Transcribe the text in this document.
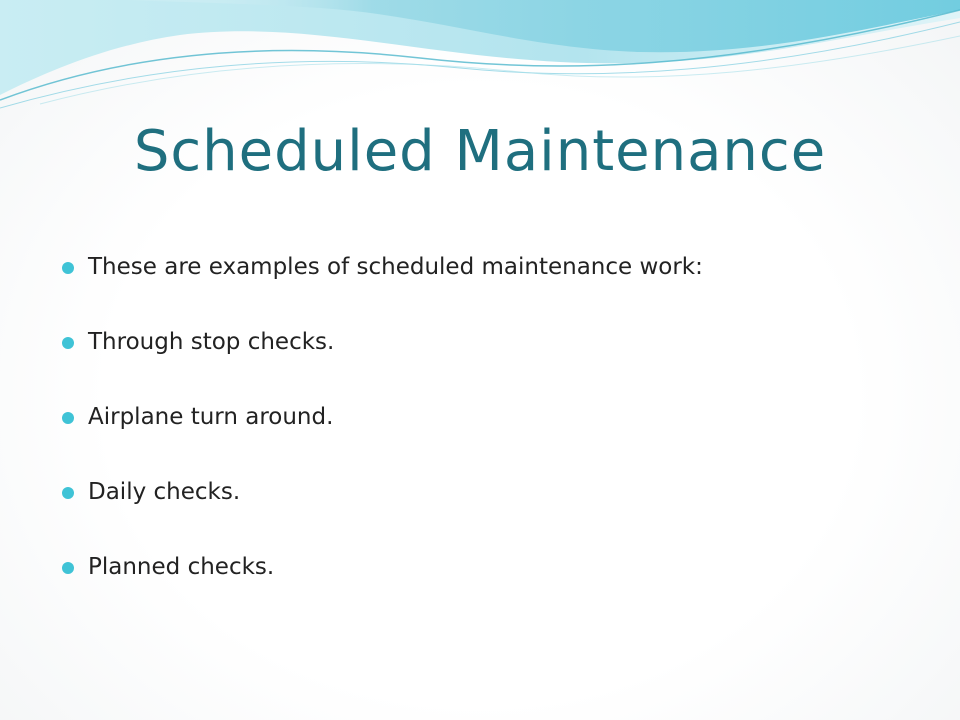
Scheduled Maintenance
These are examples of scheduled maintenance work:
Through stop checks.
Airplane turn around.
Daily checks.
Planned checks.
